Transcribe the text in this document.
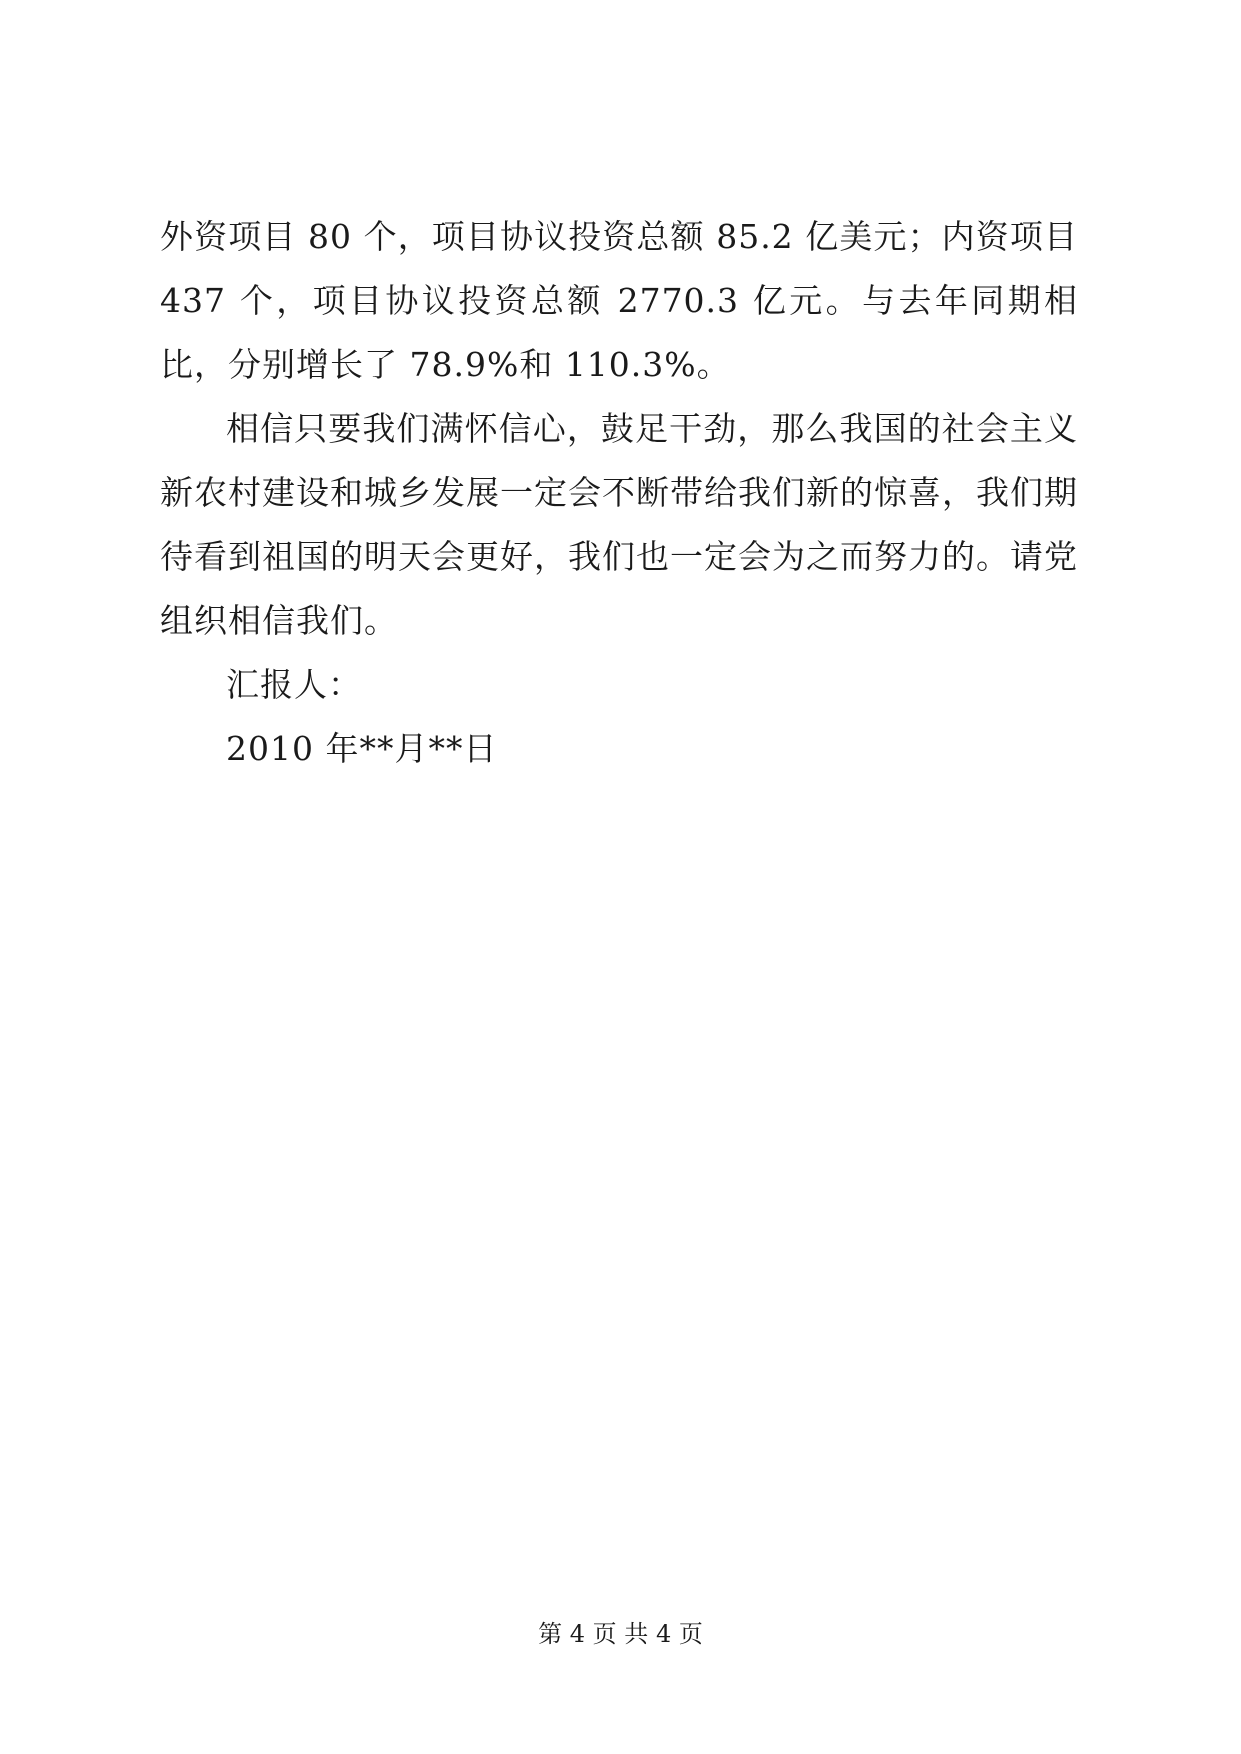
外资项目 80 个，项目协议投资总额 85.2 亿美元；内资项目 437 个，项目协议投资总额 2770.3 亿元。与去年同期相比，分别增长了 78.9%和 110.3%。

相信只要我们满怀信心，鼓足干劲，那么我国的社会主义新农村建设和城乡发展一定会不断带给我们新的惊喜，我们期待看到祖国的明天会更好，我们也一定会为之而努力的。请党组织相信我们。

汇报人：

2010 年**月**日

第 4 页 共 4 页
